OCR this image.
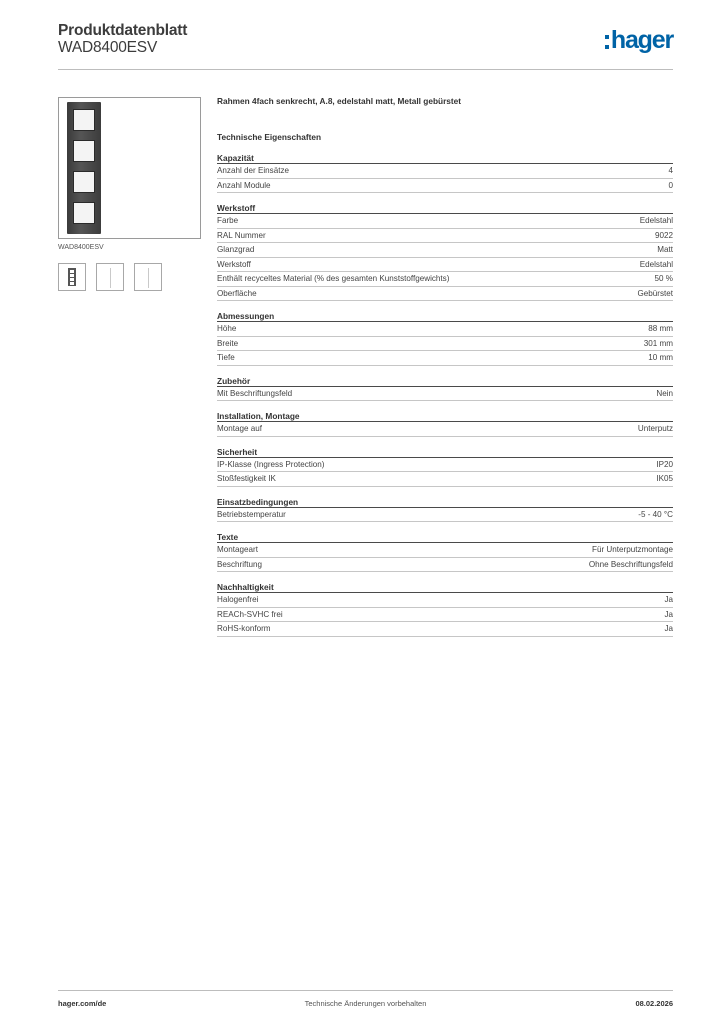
Produktdatenblatt
WAD8400ESV	hager
WAD8400ESV
Rahmen 4fach senkrecht, A.8, edelstahl matt, Metall gebürstet
Technische Eigenschaften
Kapazität
Anzahl der Einsätze	4
Anzahl Module	0
Werkstoff
Farbe	Edelstahl
RAL Nummer	9022
Glanzgrad	Matt
Werkstoff	Edelstahl
Enthält recyceltes Material (% des gesamten Kunststoffgewichts)	50 %
Oberfläche	Gebürstet
Abmessungen
Höhe	88 mm
Breite	301 mm
Tiefe	10 mm
Zubehör
Mit Beschriftungsfeld	Nein
Installation, Montage
Montage auf	Unterputz
Sicherheit
IP-Klasse (Ingress Protection)	IP20
Stoßfestigkeit IK	IK05
Einsatzbedingungen
Betriebstemperatur	-5 - 40 °C
Texte
Montageart	Für Unterputzmontage
Beschriftung	Ohne Beschriftungsfeld
Nachhaltigkeit
Halogenfrei	Ja
REACh-SVHC frei	Ja
RoHS-konform	Ja
hager.com/de	Technische Änderungen vorbehalten	08.02.2026
